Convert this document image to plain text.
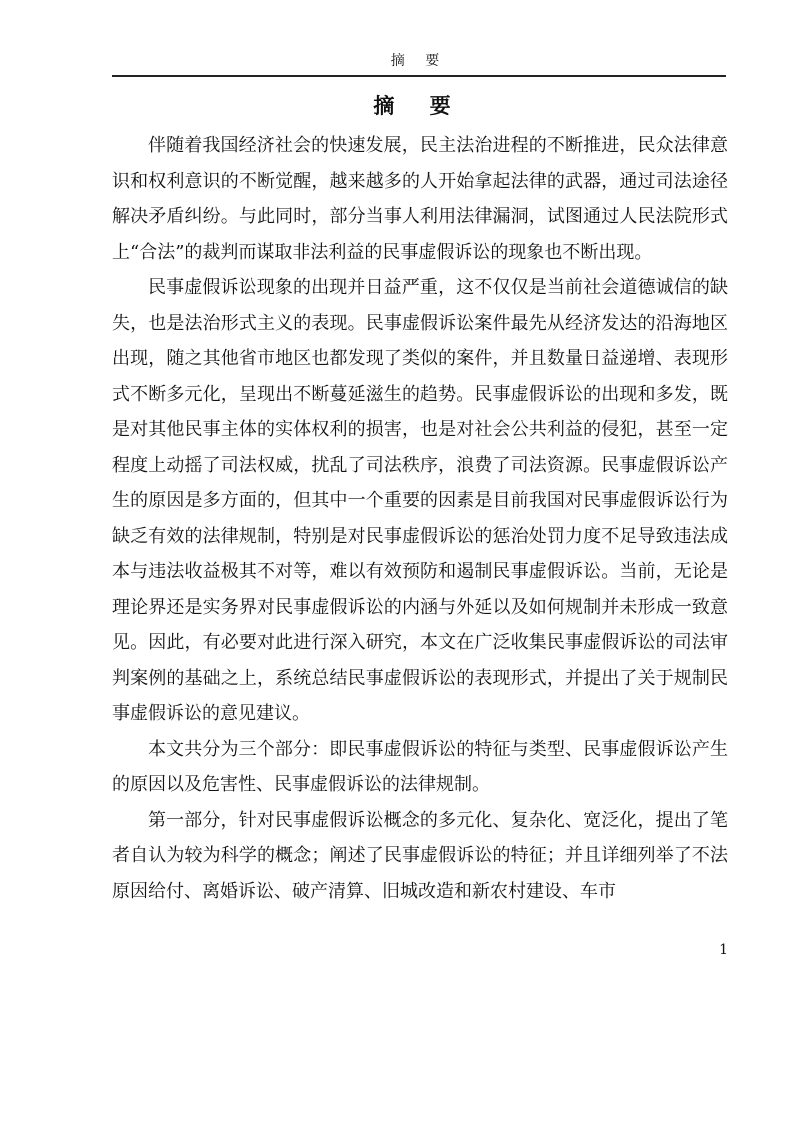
摘 要
摘 要

伴随着我国经济社会的快速发展，民主法治进程的不断推进，民众法律意识和权利意识的不断觉醒，越来越多的人开始拿起法律的武器，通过司法途径解决矛盾纠纷。与此同时，部分当事人利用法律漏洞，试图通过人民法院形式上“合法”的裁判而谋取非法利益的民事虚假诉讼的现象也不断出现。

民事虚假诉讼现象的出现并日益严重，这不仅仅是当前社会道德诚信的缺失，也是法治形式主义的表现。民事虚假诉讼案件最先从经济发达的沿海地区出现，随之其他省市地区也都发现了类似的案件，并且数量日益递增、表现形式不断多元化，呈现出不断蔓延滋生的趋势。民事虚假诉讼的出现和多发，既是对其他民事主体的实体权利的损害，也是对社会公共利益的侵犯，甚至一定程度上动摇了司法权威，扰乱了司法秩序，浪费了司法资源。民事虚假诉讼产生的原因是多方面的，但其中一个重要的因素是目前我国对民事虚假诉讼行为缺乏有效的法律规制，特别是对民事虚假诉讼的惩治处罚力度不足导致违法成本与违法收益极其不对等，难以有效预防和遏制民事虚假诉讼。当前，无论是理论界还是实务界对民事虚假诉讼的内涵与外延以及如何规制并未形成一致意见。因此，有必要对此进行深入研究，本文在广泛收集民事虚假诉讼的司法审判案例的基础之上，系统总结民事虚假诉讼的表现形式，并提出了关于规制民事虚假诉讼的意见建议。

本文共分为三个部分：即民事虚假诉讼的特征与类型、民事虚假诉讼产生的原因以及危害性、民事虚假诉讼的法律规制。

第一部分，针对民事虚假诉讼概念的多元化、复杂化、宽泛化，提出了笔者自认为较为科学的概念；阐述了民事虚假诉讼的特征；并且详细列举了不法原因给付、离婚诉讼、破产清算、旧城改造和新农村建设、车市

1
